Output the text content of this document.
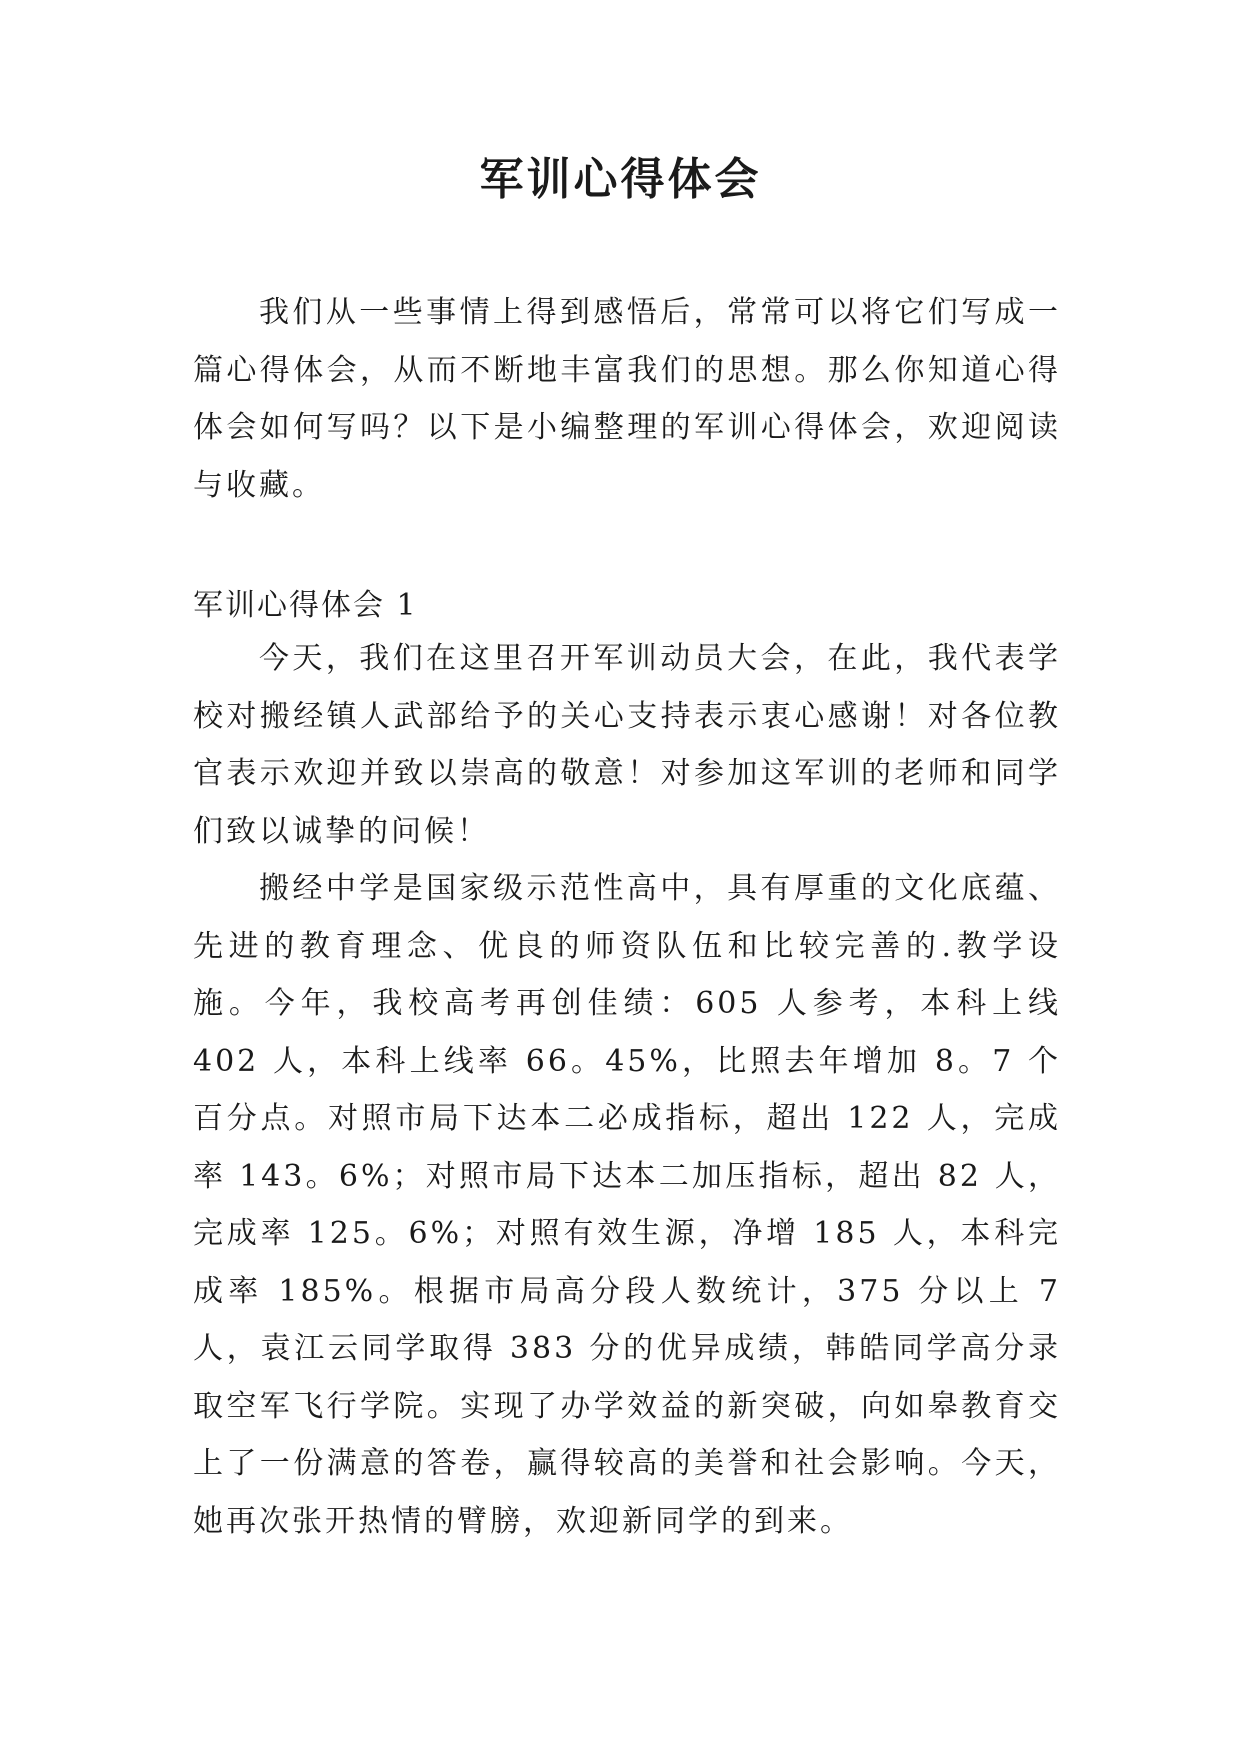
军训心得体会

我们从一些事情上得到感悟后，常常可以将它们写成一篇心得体会，从而不断地丰富我们的思想。那么你知道心得体会如何写吗？以下是小编整理的军训心得体会，欢迎阅读与收藏。

军训心得体会 1

今天，我们在这里召开军训动员大会，在此，我代表学校对搬经镇人武部给予的关心支持表示衷心感谢！对各位教官表示欢迎并致以崇高的敬意！对参加这军训的老师和同学们致以诚挚的问候！

搬经中学是国家级示范性高中，具有厚重的文化底蕴、先进的教育理念、优良的师资队伍和比较完善的.教学设施。今年，我校高考再创佳绩：605 人参考，本科上线 402 人，本科上线率 66。45%，比照去年增加 8。7 个百分点。对照市局下达本二必成指标，超出 122 人，完成率 143。6%；对照市局下达本二加压指标，超出 82 人，完成率 125。6%；对照有效生源，净增 185 人，本科完成率 185%。根据市局高分段人数统计，375 分以上 7 人，袁江云同学取得 383 分的优异成绩，韩皓同学高分录取空军飞行学院。实现了办学效益的新突破，向如皋教育交上了一份满意的答卷，赢得较高的美誉和社会影响。今天，她再次张开热情的臂膀，欢迎新同学的到来。
